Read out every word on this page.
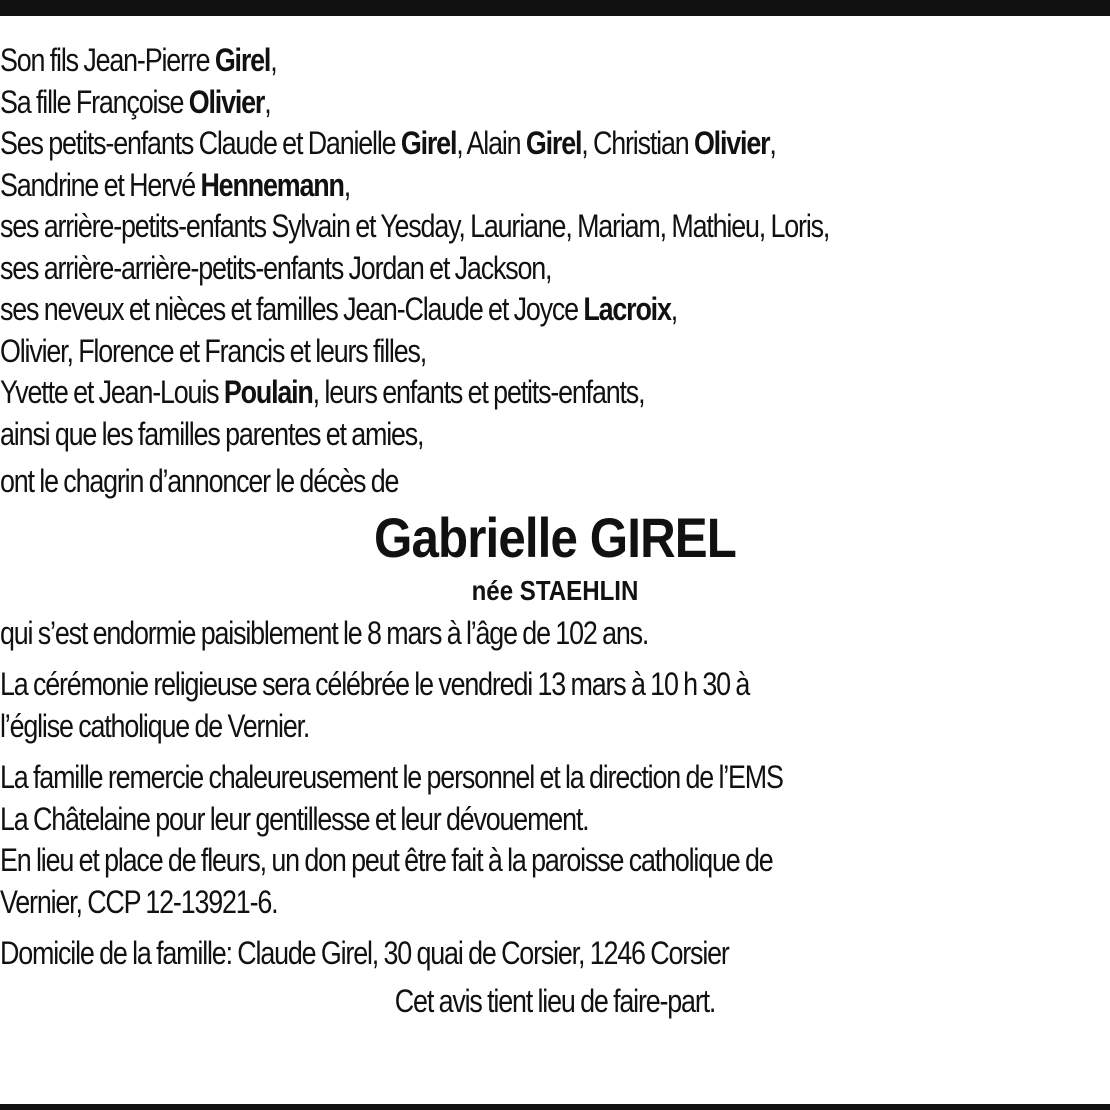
Son fils Jean-Pierre Girel,
Sa fille Françoise Olivier,
Ses petits-enfants Claude et Danielle Girel, Alain Girel, Christian Olivier,
Sandrine et Hervé Hennemann,
ses arrière-petits-enfants Sylvain et Yesday, Lauriane, Mariam, Mathieu, Loris,
ses arrière-arrière-petits-enfants Jordan et Jackson,
ses neveux et nièces et familles Jean-Claude et Joyce Lacroix,
Olivier, Florence et Francis et leurs filles,
Yvette et Jean-Louis Poulain, leurs enfants et petits-enfants,
ainsi que les familles parentes et amies,
ont le chagrin d’annoncer le décès de
Gabrielle GIREL
née STAEHLIN
qui s’est endormie paisiblement le 8 mars à l’âge de 102 ans.
La cérémonie religieuse sera célébrée le vendredi 13 mars à 10 h 30 à
l’église catholique de Vernier.
La famille remercie chaleureusement le personnel et la direction de l’EMS
La Châtelaine pour leur gentillesse et leur dévouement.
En lieu et place de fleurs, un don peut être fait à la paroisse catholique de
Vernier, CCP 12-13921-6.
Domicile de la famille: Claude Girel, 30 quai de Corsier, 1246 Corsier
Cet avis tient lieu de faire-part.
